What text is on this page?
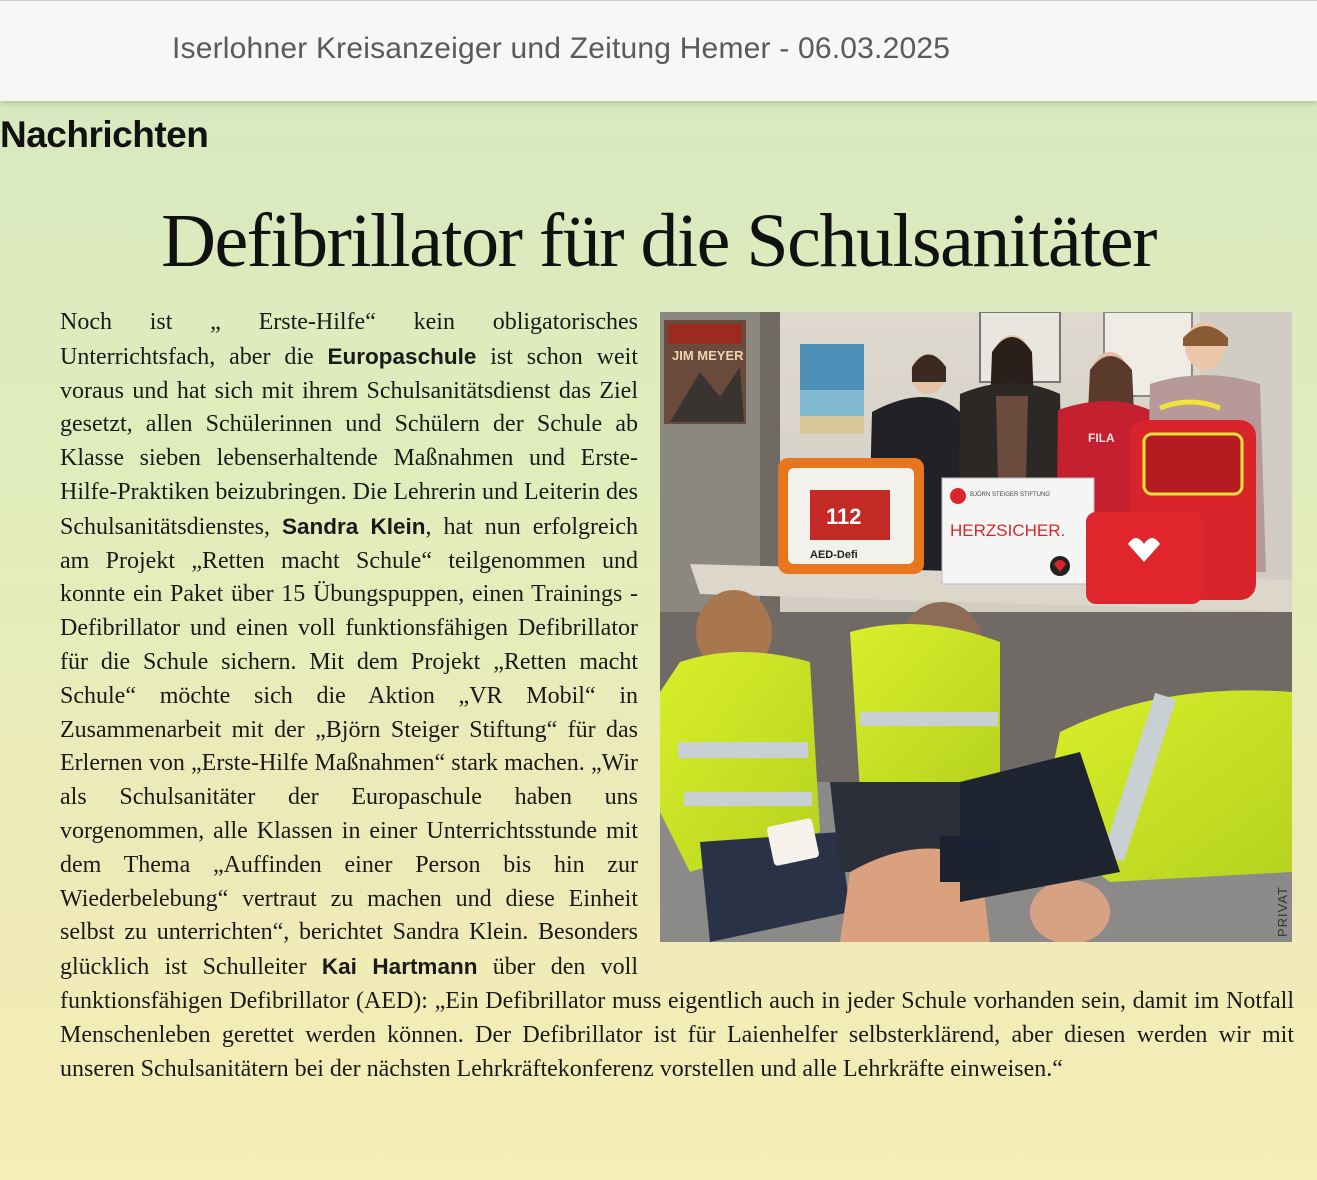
Iserlohner Kreisanzeiger und Zeitung Hemer - 06.03.2025
Nachrichten
Defibrillator für die Schulsanitäter
JIM MEYER
FILA
112
AED-Defi
BJÖRN STEIGER STIFTUNG
HERZSICHER.
PRIVAT
Noch ist „ Erste-Hilfe“ kein obligatorisches Unterrichtsfach, aber die Europaschule ist schon weit voraus und hat sich mit ihrem Schulsanitätsdienst das Ziel gesetzt, allen Schülerinnen und Schülern der Schule ab Klasse sieben lebenserhaltende Maßnahmen und Erste-Hilfe-Praktiken beizubringen. Die Lehrerin und Leiterin des Schulsanitätsdienstes, Sandra Klein, hat nun erfolgreich am Projekt „Retten macht Schule“ teilgenommen und konnte ein Paket über 15 Übungspuppen, einen Trainings - Defibrillator und einen voll funktionsfähigen Defibrillator für die Schule sichern. Mit dem Projekt „Retten macht Schule“ möchte sich die Aktion „VR Mobil“ in Zusammenarbeit mit der „Björn Steiger Stiftung“ für das Erlernen von „Erste-Hilfe Maßnahmen“ stark machen. „Wir als Schulsanitäter der Europaschule haben uns vorgenommen, alle Klassen in einer Unterrichtsstunde mit dem Thema „Auffinden einer Person bis hin zur Wiederbelebung“ vertraut zu machen und diese Einheit selbst zu unterrichten“, berichtet Sandra Klein. Besonders glücklich ist Schulleiter Kai Hartmann über den voll funktionsfähigen Defibrillator (AED): „Ein Defibrillator muss eigentlich auch in jeder Schule vorhanden sein, damit im Notfall Menschenleben gerettet werden können. Der Defibrillator ist für Laienhelfer selbsterklärend, aber diesen werden wir mit unseren Schulsanitätern bei der nächsten Lehrkräftekonferenz vorstellen und alle Lehrkräfte einweisen.“
